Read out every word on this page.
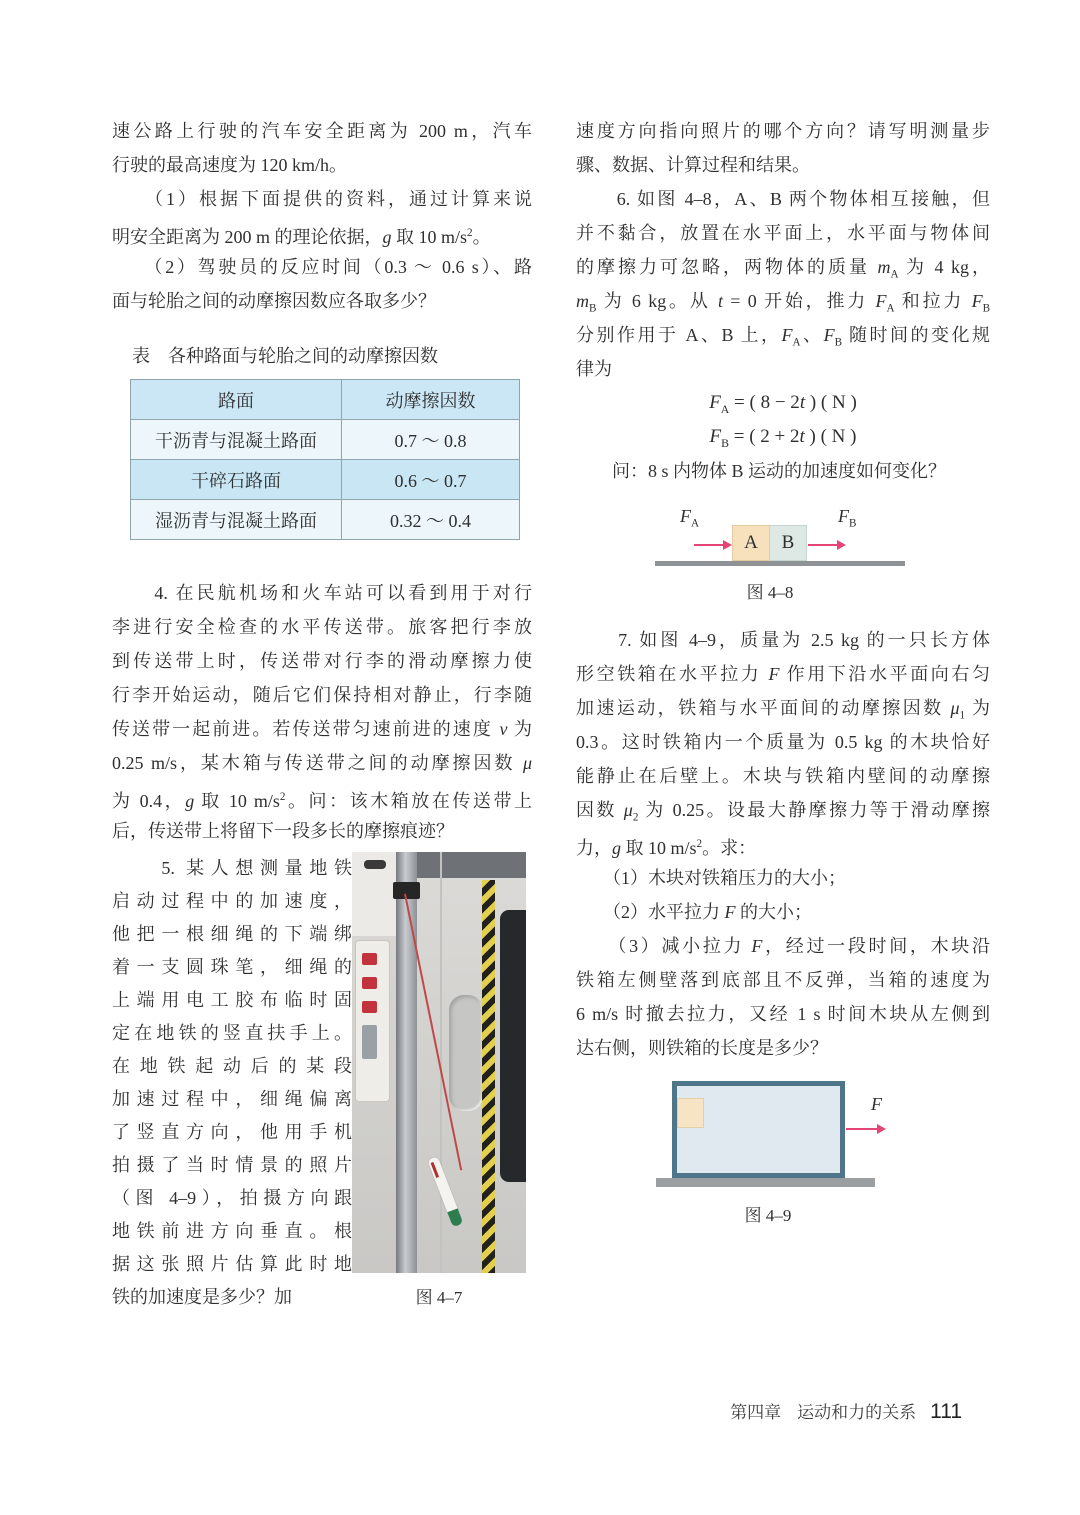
速公路上行驶的汽车安全距离为 200 m，汽车
行驶的最高速度为 120 km/h。
　　（1）根据下面提供的资料，通过计算来说
明安全距离为 200 m 的理论依据，g 取 10 $m/s^2$。
　　（2）驾驶员的反应时间（0.3 ～ 0.6 s）、路
面与轮胎之间的动摩擦因数应各取多少？
表 各种路面与轮胎之间的动摩擦因数
路面	动摩擦因数
干沥青与混凝土路面	0.7 ～ 0.8
干碎石路面	0.6 ～ 0.7
湿沥青与混凝土路面	0.32 ～ 0.4
　　4. 在民航机场和火车站可以看到用于对行
李进行安全检查的水平传送带。旅客把行李放
到传送带上时，传送带对行李的滑动摩擦力使
行李开始运动，随后它们保持相对静止，行李随
传送带一起前进。若传送带匀速前进的速度 v 为
0.25 m/s，某木箱与传送带之间的动摩擦因数 μ
为 0.4，g 取 10 $m/s^2$。问：该木箱放在传送带上
后，传送带上将留下一段多长的摩擦痕迹？
　　5. 某人想测量地铁
启动过程中的加速度，
他把一根细绳的下端绑
着一支圆珠笔，细绳的
上端用电工胶布临时固
定在地铁的竖直扶手上。
在地铁起动后的某段
加速过程中，细绳偏离
了竖直方向，他用手机
拍摄了当时情景的照片
（图 4–9），拍摄方向跟
地铁前进方向垂直。根
据这张照片估算此时地
铁的加速度是多少？加	图 4–7
速度方向指向照片的哪个方向？请写明测量步
骤、数据、计算过程和结果。
　　6. 如图 4–8，A、B 两个物体相互接触，但
并不黏合，放置在水平面上，水平面与物体间
的摩擦力可忽略，两物体的质量 $m_A$ 为 4 kg，
$m_B$ 为 6 kg。从 t = 0 开始，推力 $F_A$ 和拉力 $F_B$
分别作用于 A、B 上，$F_A$、$F_B$ 随时间的变化规
律为
$F_A$ = ( 8 − 2t ) ( N )
$F_B$ = ( 2 + 2t ) ( N )
　　问：8 s 内物体 B 运动的加速度如何变化？
$F_A$
A B
$F_B$
图 4–8
　　7. 如图 4–9，质量为 2.5 kg 的一只长方体
形空铁箱在水平拉力 F 作用下沿水平面向右匀
加速运动，铁箱与水平面间的动摩擦因数 $\mu_1$ 为
0.3。这时铁箱内一个质量为 0.5 kg 的木块恰好
能静止在后壁上。木块与铁箱内壁间的动摩擦
因数 $\mu_2$ 为 0.25。设最大静摩擦力等于滑动摩擦
力，g 取 10 $m/s^2$。求：
　　（1）木块对铁箱压力的大小；
　　（2）水平拉力 F 的大小；
　　（3）减小拉力 F，经过一段时间，木块沿
铁箱左侧壁落到底部且不反弹，当箱的速度为
6 m/s 时撤去拉力，又经 1 s 时间木块从左侧到
达右侧，则铁箱的长度是多少？
F
图 4–9
第四章 运动和力的关系 111
